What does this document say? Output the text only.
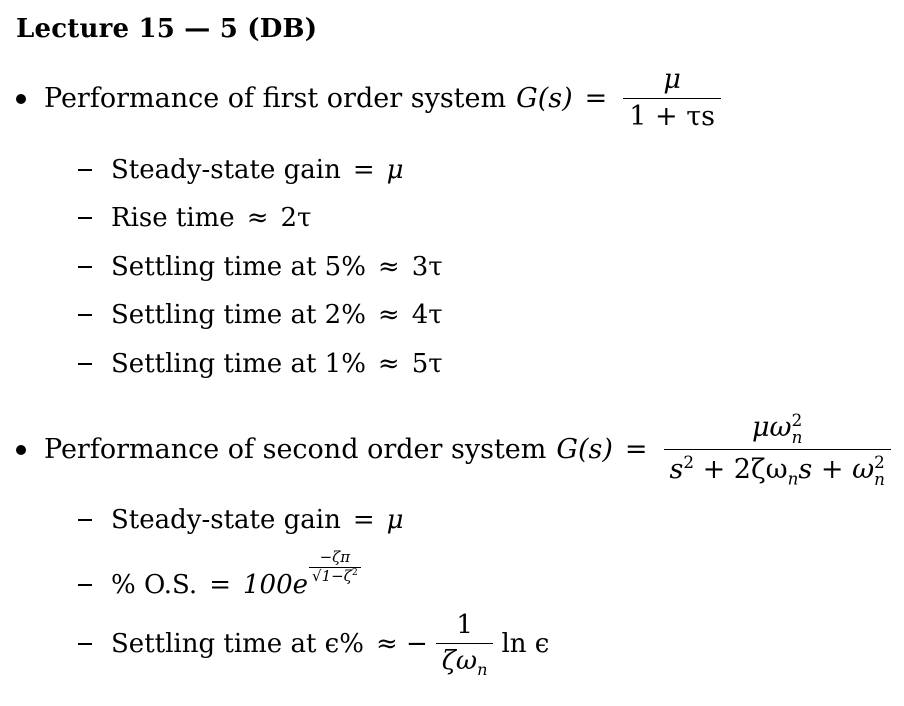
Lecture 15 — 5 (DB)
Performance of first order system $G(s) = \frac{\mu}{1 + \tau s}$
Steady-state gain = μ
Rise time ≈ 2τ
Settling time at 5% ≈ 3τ
Settling time at 2% ≈ 4τ
Settling time at 1% ≈ 5τ
Performance of second order system G(s) = μω 2
n
$s^2 + 2\zeta\omega_ns + \omega$ 2
n
Steady-state gain = μ
% O.S. = 100e
$\frac{-\zeta\pi}{√1-\zeta^2}$
Settling time at ϵ% ≈ − $\frac{1}{\zeta\omega_n}$ ln ϵ
